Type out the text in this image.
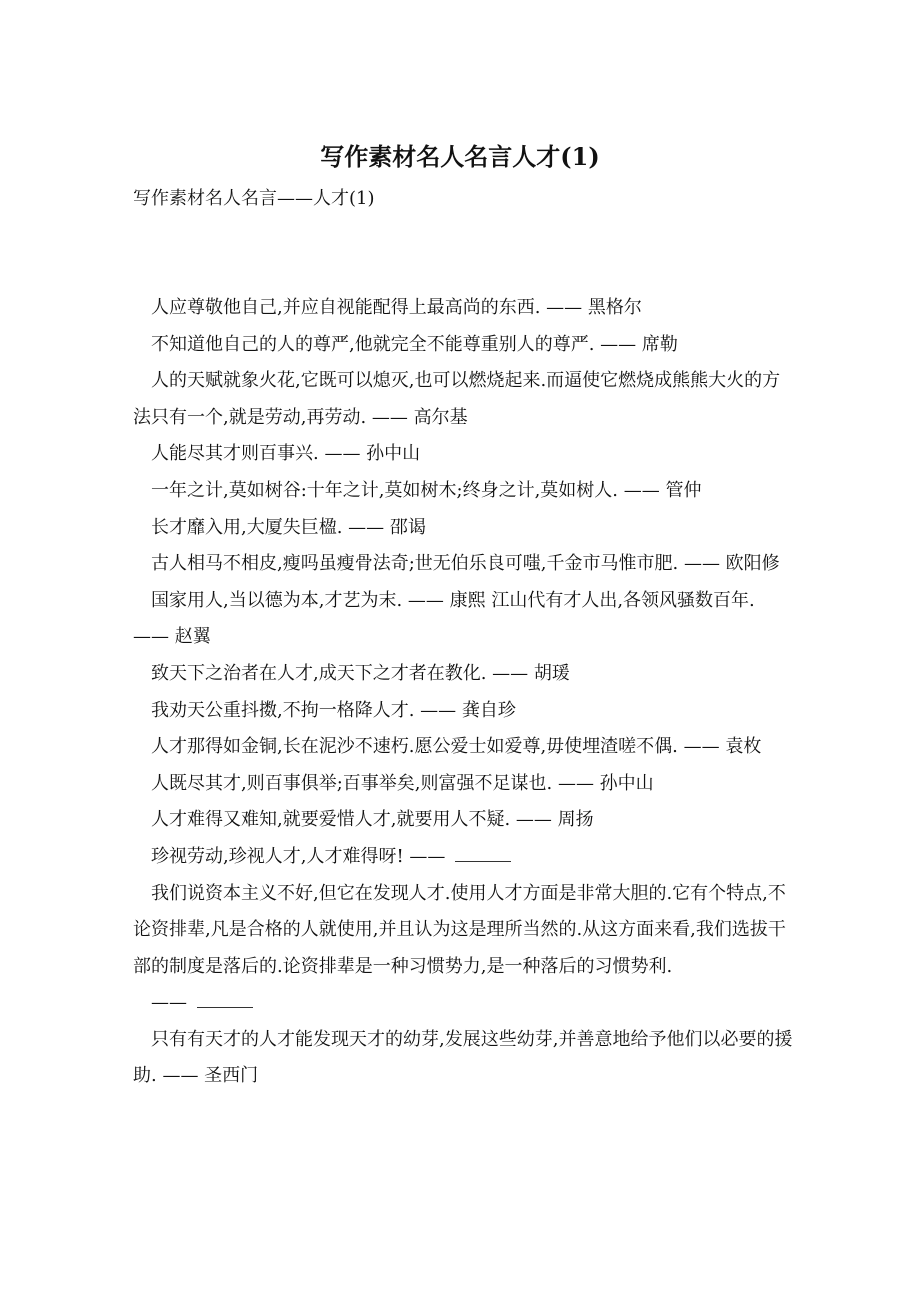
写作素材名人名言人才(1)

写作素材名人名言——人才(1)

人应尊敬他自己,并应自视能配得上最高尚的东西. —— 黑格尔

不知道他自己的人的尊严,他就完全不能尊重别人的尊严. —— 席勒

人的天赋就象火花,它既可以熄灭,也可以燃烧起来.而逼使它燃烧成熊熊大火的方法只有一个,就是劳动,再劳动. —— 高尔基

人能尽其才则百事兴. —— 孙中山

一年之计,莫如树谷:十年之计,莫如树木;终身之计,莫如树人. —— 管仲

长才靡入用,大厦失巨楹. —— 邵谒

古人相马不相皮,瘦吗虽瘦骨法奇;世无伯乐良可嗤,千金市马惟市肥. —— 欧阳修

国家用人,当以德为本,才艺为末. —— 康熙 江山代有才人出,各领风骚数百年. —— 赵翼

致天下之治者在人才,成天下之才者在教化. —— 胡瑗

我劝天公重抖擞,不拘一格降人才. —— 龚自珍

人才那得如金铜,长在泥沙不速朽.愿公爱士如爱尊,毋使埋渣嗟不偶. —— 袁枚

人既尽其才,则百事俱举;百事举矣,则富强不足谋也. —— 孙中山

人才难得又难知,就要爱惜人才,就要用人不疑. —— 周扬

珍视劳动,珍视人才,人才难得呀! ——

我们说资本主义不好,但它在发现人才.使用人才方面是非常大胆的.它有个特点,不论资排辈,凡是合格的人就使用,并且认为这是理所当然的.从这方面来看,我们选拔干部的制度是落后的.论资排辈是一种习惯势力,是一种落后的习惯势利.
——

只有有天才的人才能发现天才的幼芽,发展这些幼芽,并善意地给予他们以必要的援助. —— 圣西门
